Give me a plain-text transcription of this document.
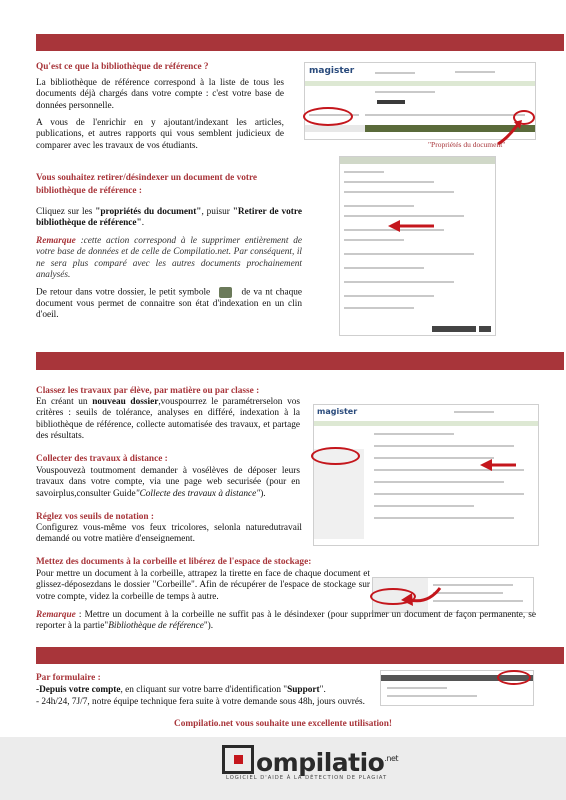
Qu'est ce que la bibliothèque de référence ?
La bibliothèque de référence correspond à la liste de tous les documents déjà chargés dans votre compte : c'est votre base de données personnelle.
A vous de l'enrichir en y ajoutant/indexant les articles, publications, et autres rapports qui vous semblent judicieux de comparer avec les travaux de vos étudiants.
magister
"Propriétés du document"
Vous souhaitez retirer/désindexer un document de votre bibliothèque de référence :
Cliquez sur les "propriétés du document", puisur "Retirer de votre bibliothèque de référence".
Remarque :cette action correspond à le supprimer entièrement de votre base de données et de celle de Compilatio.net. Par conséquent, il ne sera plus comparé avec les autres documents prochainement analysés.
De retour dans votre dossier, le petit symbole	de va nt chaque document vous permet de connaitre son état d'indexation en un clin d'oeil.
Classez les travaux par élève, par matière ou par classe :
En créant un nouveau dossier,vouspourrez le paramétrerselon vos critères : seuils de tolérance, analyses en différé, indexation à la bibliothèque de référence, collecte automatisée des travaux, et partage des résultats.
Collecter des travaux à distance :
Vouspouvezà toutmoment demander à vosélèves de déposer leurs travaux dans votre compte, via une page web securisée (pour en savoirplus,consulter Guide"Collecte des travaux à distance").
Réglez vos seuils de notation :
Configurez vous-même vos feux tricolores, selonla naturedutravail demandé ou votre matière d'enseignement.
magister
Mettez des documents à la corbeille et libérez de l'espace de stockage:
Pour mettre un document à la corbeille, attrapez la tirette en face de chaque document et glissez-déposezdans le dossier "Corbeille". Afin de récupérer de l'espace de stockage sur votre compte, videz la corbeille de temps à autre.
Remarque : Mettre un document à la corbeille ne suffit pas à le désindexer (pour supprimer un document de façon permanente, se reporter à la partie"Bibliothèque de référence").
Par formulaire :
-Depuis votre compte, en cliquant sur votre barre d'identification "Support".
- 24h/24, 7J/7, notre équipe technique fera suite à votre demande sous 48h, jours ouvrés.
Compilatio.net vous souhaite une excellente utilisation!
ompilatio$^{.net}$
LOGICIEL D'AIDE À LA DÉTECTION DE PLAGIAT
